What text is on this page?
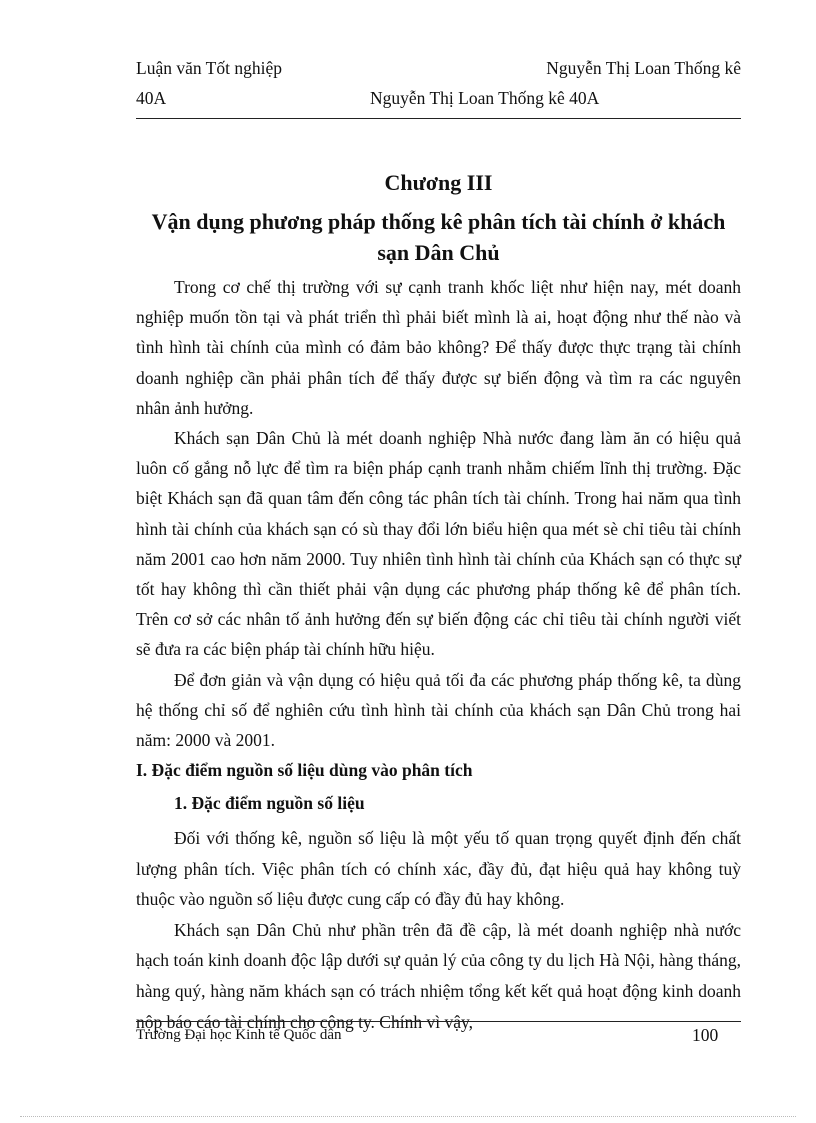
Luận văn Tốt nghiệp	Nguyễn Thị Loan Thống kê
40A	Nguyễn Thị Loan Thống kê 40A
Chương III
Vận dụng phương pháp thống kê phân tích tài chính ở khách sạn Dân Chủ

Trong cơ chế thị trường với sự cạnh tranh khốc liệt như hiện nay, mét doanh nghiệp muốn tồn tại và phát triển thì phải biết mình là ai, hoạt động như thế nào và tình hình tài chính của mình có đảm bảo không? Để thấy được thực trạng tài chính doanh nghiệp cần phải phân tích để thấy được sự biến động và tìm ra các nguyên nhân ảnh hưởng.

Khách sạn Dân Chủ là mét doanh nghiệp Nhà nước đang làm ăn có hiệu quả luôn cố gắng nỗ lực để tìm ra biện pháp cạnh tranh nhằm chiếm lĩnh thị trường. Đặc biệt Khách sạn đã quan tâm đến công tác phân tích tài chính. Trong hai năm qua tình hình tài chính của khách sạn có sù thay đổi lớn biểu hiện qua mét sè chỉ tiêu tài chính năm 2001 cao hơn năm 2000. Tuy nhiên tình hình tài chính của Khách sạn có thực sự tốt hay không thì cần thiết phải vận dụng các phương pháp thống kê để phân tích. Trên cơ sở các nhân tố ảnh hưởng đến sự biến động các chỉ tiêu tài chính người viết sẽ đưa ra các biện pháp tài chính hữu hiệu.

Để đơn giản và vận dụng có hiệu quả tối đa các phương pháp thống kê, ta dùng hệ thống chỉ số để nghiên cứu tình hình tài chính của khách sạn Dân Chủ trong hai năm: 2000 và 2001.

I. Đặc điểm nguồn số liệu dùng vào phân tích
1. Đặc điểm nguồn số liệu

Đối với thống kê, nguồn số liệu là một yếu tố quan trọng quyết định đến chất lượng phân tích. Việc phân tích có chính xác, đầy đủ, đạt hiệu quả hay không tuỳ thuộc vào nguồn số liệu được cung cấp có đầy đủ hay không.

Khách sạn Dân Chủ như phần trên đã đề cập, là mét doanh nghiệp nhà nước hạch toán kinh doanh độc lập dưới sự quản lý của công ty du lịch Hà Nội, hàng tháng, hàng quý, hàng năm khách sạn có trách nhiệm tổng kết kết quả hoạt động kinh doanh nộp báo cáo tài chính cho công ty. Chính vì vậy,

Trường Đại học Kinh tế Quốc dân	100
